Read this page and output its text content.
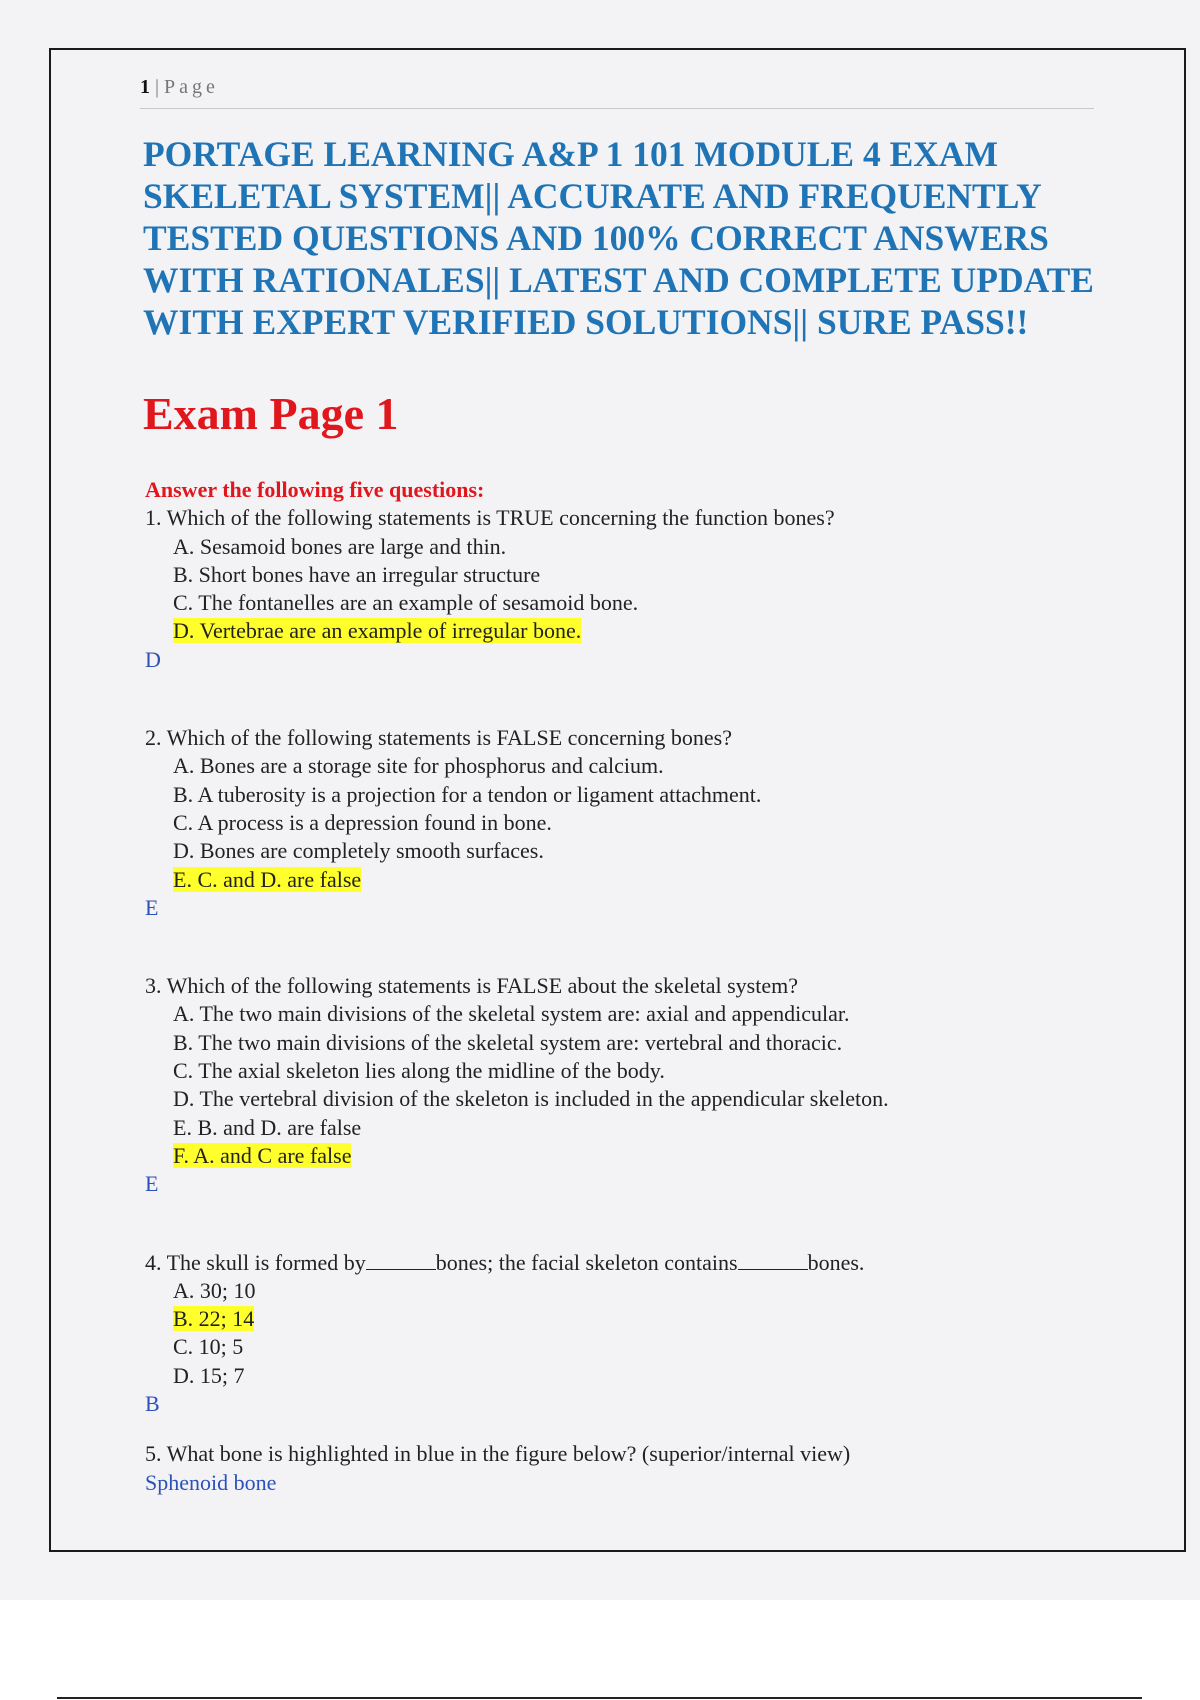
1 | Page
PORTAGE LEARNING A&P 1 101 MODULE 4 EXAM SKELETAL SYSTEM|| ACCURATE AND FREQUENTLY TESTED QUESTIONS AND 100% CORRECT ANSWERS WITH RATIONALES|| LATEST AND COMPLETE UPDATE WITH EXPERT VERIFIED SOLUTIONS|| SURE PASS!!
Exam Page 1
Answer the following five questions:
1. Which of the following statements is TRUE concerning the function bones?
A. Sesamoid bones are large and thin.
B. Short bones have an irregular structure
C. The fontanelles are an example of sesamoid bone.
D. Vertebrae are an example of irregular bone.
D
2. Which of the following statements is FALSE concerning bones?
A. Bones are a storage site for phosphorus and calcium.
B. A tuberosity is a projection for a tendon or ligament attachment.
C. A process is a depression found in bone.
D. Bones are completely smooth surfaces.
E. C. and D. are false
E
3. Which of the following statements is FALSE about the skeletal system?
A. The two main divisions of the skeletal system are: axial and appendicular.
B. The two main divisions of the skeletal system are: vertebral and thoracic.
C. The axial skeleton lies along the midline of the body.
D. The vertebral division of the skeleton is included in the appendicular skeleton.
E. B. and D. are false
F. A. and C are false
E
4. The skull is formed by	bones; the facial skeleton contains	bones.
A. 30; 10
B. 22; 14
C. 10; 5
D. 15; 7
B
5. What bone is highlighted in blue in the figure below? (superior/internal view)
Sphenoid bone
